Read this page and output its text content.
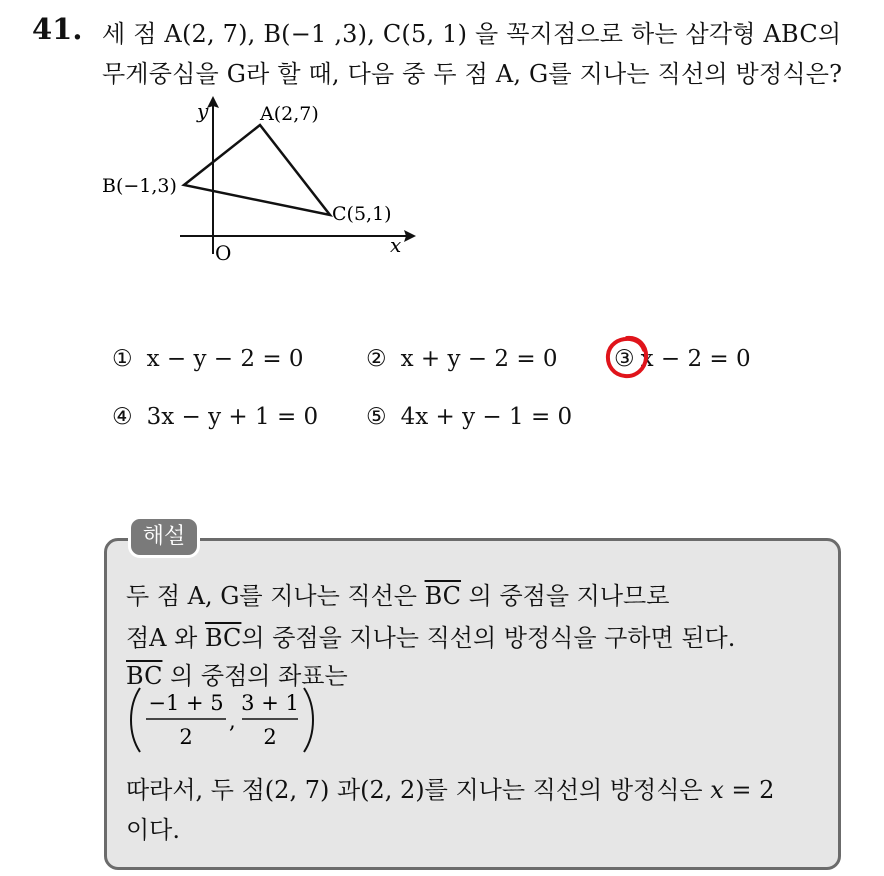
41. 세 점 A(2, 7), B(−1 ,3), C(5, 1) 을 꼭지점으로 하는 삼각형 ABC의
무게중심을 G라 할 때, 다음 중 두 점 A, G를 지나는 직선의 방정식은?
y
x
O
A(2,7)
B(−1,3)
C(5,1)
① x − y − 2 = 0	② x + y − 2 = 0 ③ x − 2 = 0
④ 3x − y + 1 = 0 ⑤ 4x + y − 1 = 0
해설
두 점 A, G를 지나는 직선은 $\overline{BC}$ 의 중점을 지나므로
점A 와 $\overline{BC}$의 중점을 지나는 직선의 방정식을 구하면 된다.
$\overline{BC}$ 의 중점의 좌표는
−1 + 5
2
,
3 + 1
2
따라서, 두 점(2, 7) 과(2, 2)를 지나는 직선의 방정식은 x = 2
이다.
